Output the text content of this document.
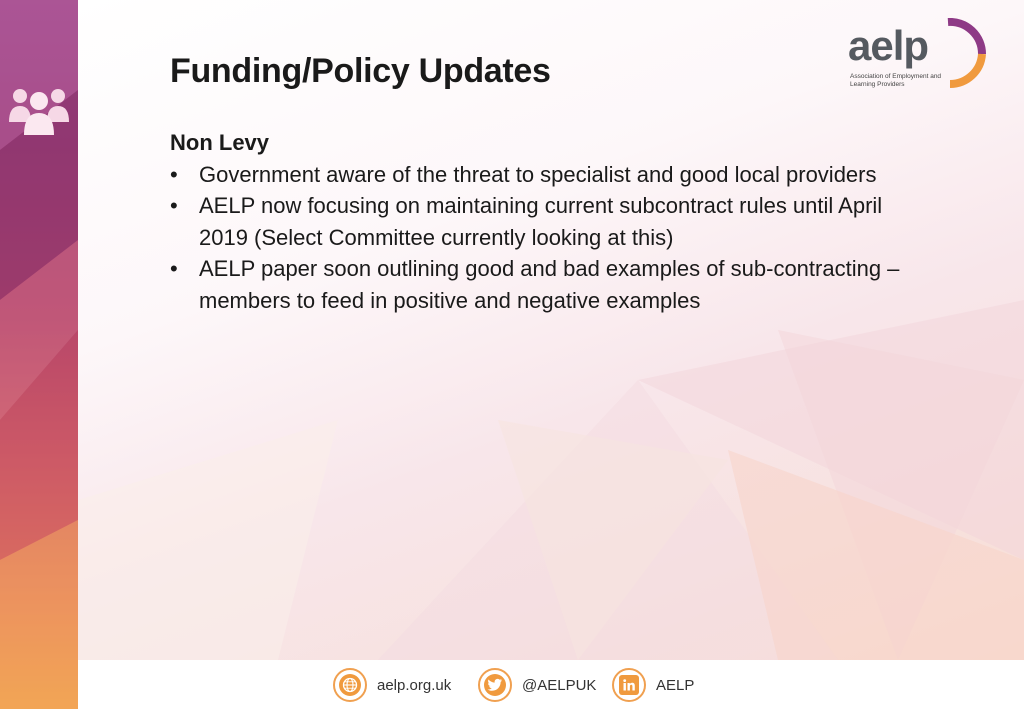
Funding/Policy Updates
aelp
Association of Employment and Learning Providers
Non Levy
• Government aware of the threat to specialist and good local providers
• AELP now focusing on maintaining current subcontract rules until April 2019 (Select Committee currently looking at this)
• AELP paper soon outlining good and bad examples of sub-contracting – members to feed in positive and negative examples
aelp.org.uk	@AELPUK	AELP
